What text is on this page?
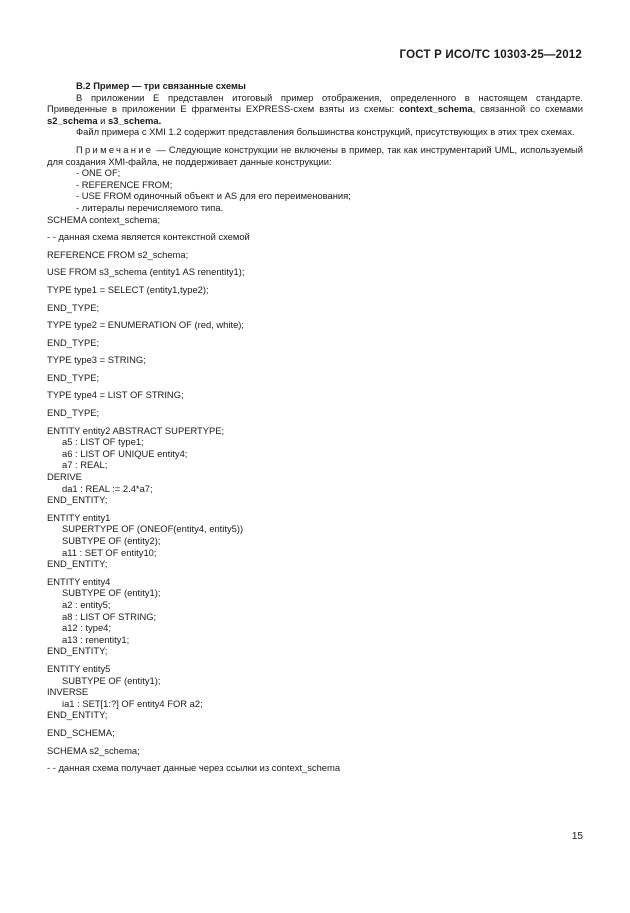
ГОСТ Р ИСО/ТС 10303-25—2012
В.2 Пример — три связанные схемы

В приложении Е представлен итоговый пример отображения, определенного в настоящем стандарте. Приведенные в приложении Е фрагменты EXPRESS-схем взяты из схемы: context_schema, связанной со схемами s2_schema и s3_schema.

Файл примера с XMI 1.2 содержит представления большинства конструкций, присутствующих в этих трех схемах.

Примечание — Следующие конструкции не включены в пример, так как инструментарий UML, используемый для создания XMI-файла, не поддерживает данные конструкции:
- ONE OF;
- REFERENCE FROM;
- USE FROM одиночный объект и AS для его переименования;
- литералы перечисляемого типа.
SCHEMA context_schema;
- - данная схема является контекстной схемой
REFERENCE FROM s2_schema;
USE FROM s3_schema (entity1 AS renentity1);
TYPE type1 = SELECT (entity1,type2);
END_TYPE;
TYPE type2 = ENUMERATION OF (red, white);
END_TYPE;
TYPE type3 = STRING;
END_TYPE;
TYPE type4 = LIST OF STRING;
END_TYPE;
ENTITY entity2 ABSTRACT SUPERTYPE;
a5 : LIST OF type1;
a6 : LIST OF UNIQUE entity4;
a7 : REAL;
DERIVE
da1 : REAL := 2.4*a7;
END_ENTITY;
ENTITY entity1
SUPERTYPE OF (ONEOF(entity4, entity5))
SUBTYPE OF (entity2);
a11 : SET OF entity10;
END_ENTITY;
ENTITY entity4
SUBTYPE OF (entity1);
a2 : entity5;
a8 : LIST OF STRING;
a12 : type4;
a13 : renentity1;
END_ENTITY;
ENTITY entity5
SUBTYPE OF (entity1);
INVERSE
ia1 : SET[1:?] OF entity4 FOR a2;
END_ENTITY;
END_SCHEMA;
SCHEMA s2_schema;
- - данная схема получает данные через ссылки из context_schema
15
